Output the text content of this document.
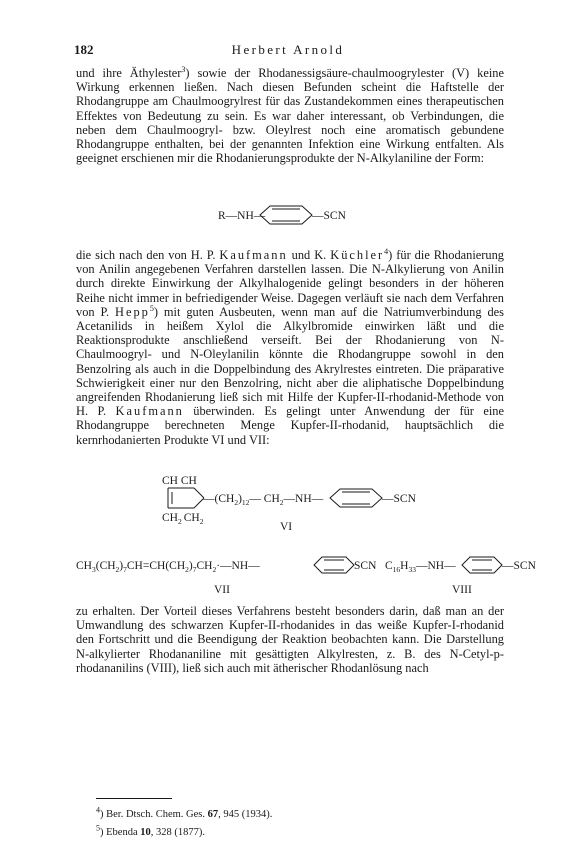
182	Herbert Arnold

und ihre Äthylester$^3$) sowie der Rhodanessigsäure-chaulmoogrylester (V) keine Wirkung erkennen ließen. Nach diesen Befunden scheint die Haftstelle der Rhodangruppe am Chaulmoogrylrest für das Zustandekommen eines therapeutischen Effektes von Bedeutung zu sein. Es war daher interessant, ob Verbindungen, die neben dem Chaulmoogryl- bzw. Oleylrest noch eine aromatisch gebundene Rhodangruppe enthalten, bei der genannten Infektion eine Wirkung entfalten. Als geeignet erschienen mir die Rhodanierungsprodukte der N-Alkylaniline der Form:

die sich nach den von H. P. Kaufmann und K. Küchler$^4$) für die Rhodanierung von Anilin angegebenen Verfahren darstellen lassen. Die N-Alkylierung von Anilin durch direkte Einwirkung der Alkylhalogenide gelingt besonders in der höheren Reihe nicht immer in befriedigender Weise. Dagegen verläuft sie nach dem Verfahren von P. Hepp$^5$) mit guten Ausbeuten, wenn man auf die Natriumverbindung des Acetanilids in heißem Xylol die Alkylbromide einwirken läßt und die Reaktionsprodukte anschließend verseift. Bei der Rhodanierung von N-Chaulmoogryl- und N-Oleylanilin könnte die Rhodangruppe sowohl in den Benzolring als auch in die Doppelbindung des Akrylrestes eintreten. Die präparative Schwierigkeit einer nur den Benzolring, nicht aber die aliphatische Doppelbindung angreifenden Rhodanierung ließ sich mit Hilfe der Kupfer-II-rhodanid-Methode von H. P. Kaufmann überwinden. Es gelingt unter Anwendung der für eine Rhodangruppe berechneten Menge Kupfer-II-rhodanid, hauptsächlich die kernrhodanierten Produkte VI und VII:

zu erhalten. Der Vorteil dieses Verfahrens besteht besonders darin, daß man an der Umwandlung des schwarzen Kupfer-II-rhodanides in das weiße Kupfer-I-rhodanid den Fortschritt und die Beendigung der Reaktion beobachten kann. Die Darstellung N-alkylierter Rhodananiline mit gesättigten Alkylresten, z. B. des N-Cetyl-p-rhodananilins (VIII), ließ sich auch mit ätherischer Rhodanlösung nach

R—NH—	—SCN
CH CH
$CH_2$ $CH_2$
$—(CH_2)_{12}—$ $CH_2—NH—$	—SCN
VI
$CH_3(CH_2)_7CH=CH(CH_2)_7CH_2\cdot—NH—$	SCN
VII
$C_{16}H_{33}—NH—$	—SCN
VIII
$^4$) Ber. Dtsch. Chem. Ges. 67, 945 (1934).
$^5$) Ebenda 10, 328 (1877).
